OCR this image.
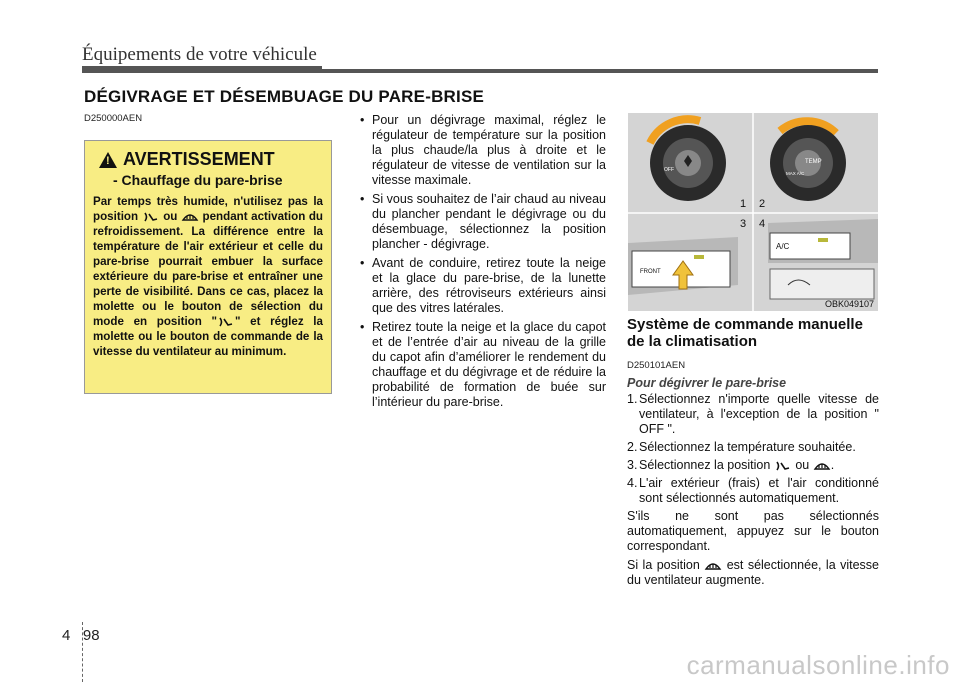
Équipements de votre véhicule
DÉGIVRAGE ET DÉSEMBUAGE DU PARE-BRISE
D250000AEN
! AVERTISSEMENT
- Chauffage du pare-brise
Par temps très humide, n'utilisez pas la position ou pendant activation du refroidissement. La différence entre la température de l'air extérieur et celle du pare-brise pourrait embuer la surface extérieure du pare-brise et entraîner une perte de visibilité. Dans ce cas, placez la molette ou le bouton de sélection du mode en position " " et réglez la molette ou le bouton de commande de la vitesse du ventilateur au minimum.
• Pour un dégivrage maximal, réglez le régulateur de température sur la position la plus chaude/la plus à droite et le régulateur de vitesse de ventilation sur la vitesse maximale.
• Si vous souhaitez de l’air chaud au niveau du plancher pendant le dégivrage ou du désembuage, sélectionnez la position plancher - dégivrage.
• Avant de conduire, retirez toute la neige et la glace du pare-brise, de la lunette arrière, des rétroviseurs extérieurs ainsi que des vitres latérales.
• Retirez toute la neige et la glace du capot et de l’entrée d’air au niveau de la grille du capot afin d’améliorer le rendement du chauffage et du dégivrage et de réduire la probabilité de formation de buée sur l’intérieur du pare-brise.
OFF
TEMP
MAX A/C
1 2
3 4
FRONT
A/C
OBK049107
Système de commande manuelle de la climatisation
D250101AEN
Pour dégivrer le pare-brise
1. Sélectionnez n'importe quelle vitesse de ventilateur, à l'exception de la position " OFF ".
2. Sélectionnez la température souhaitée.
3. Sélectionnez la position ou .
4. L'air extérieur (frais) et l'air conditionné sont sélectionnés automatiquement.
S'ils ne sont pas sélectionnés automatiquement, appuyez sur le bouton correspondant.
Si la position est sélectionnée, la vitesse du ventilateur augmente.
4 98
carmanualsonline.info
